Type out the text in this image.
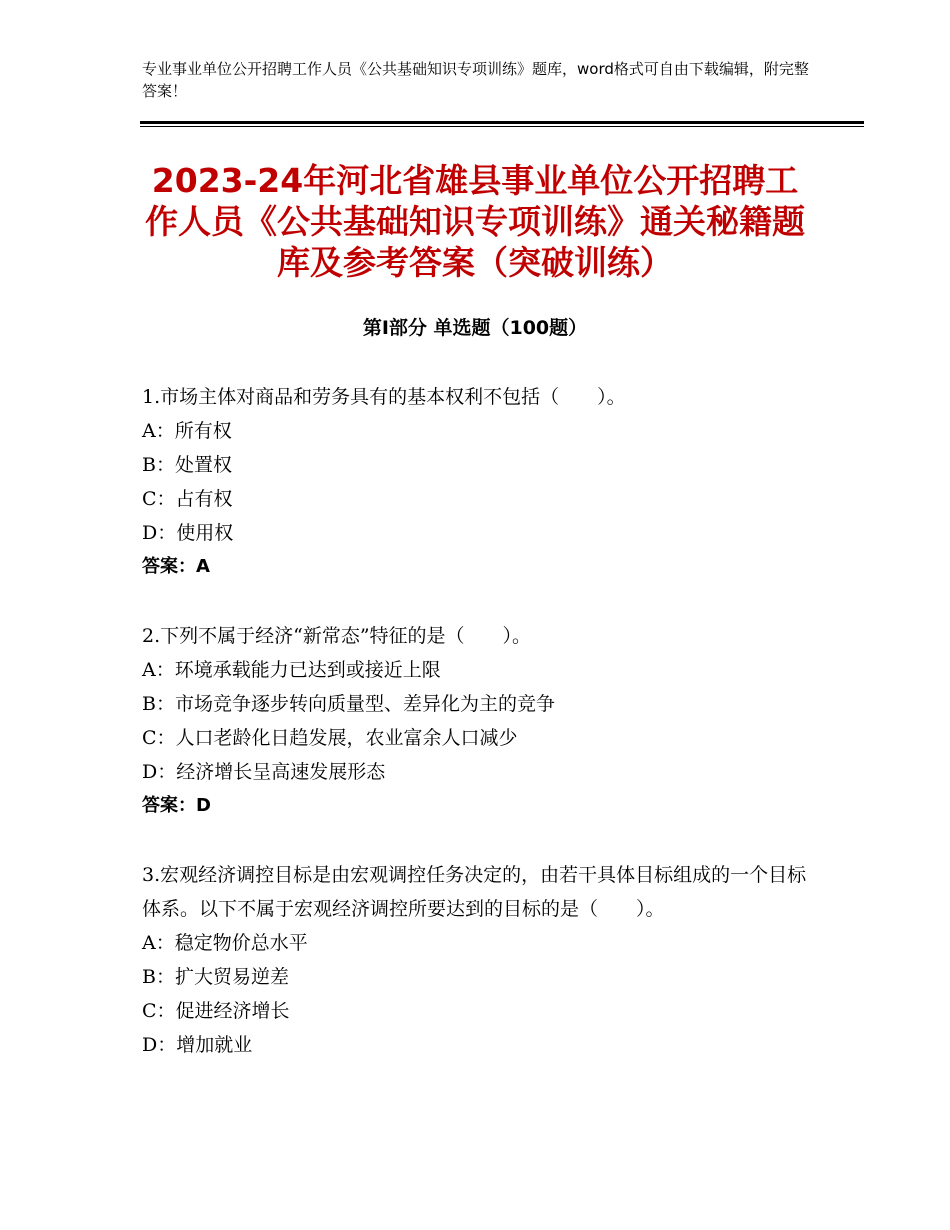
专业事业单位公开招聘工作人员《公共基础知识专项训练》题库，word格式可自由下载编辑，附完整答案！
2023-24年河北省雄县事业单位公开招聘工作人员《公共基础知识专项训练》通关秘籍题库及参考答案（突破训练）
第Ⅰ部分 单选题（100题）

1.市场主体对商品和劳务具有的基本权利不包括（　　）。

A：所有权

B：处置权

C：占有权

D：使用权

答案：A

2.下列不属于经济“新常态”特征的是（　　）。

A：环境承载能力已达到或接近上限

B：市场竞争逐步转向质量型、差异化为主的竞争

C：人口老龄化日趋发展，农业富余人口减少

D：经济增长呈高速发展形态

答案：D

3.宏观经济调控目标是由宏观调控任务决定的，由若干具体目标组成的一个目标体系。以下不属于宏观经济调控所要达到的目标的是（　　）。

A：稳定物价总水平

B：扩大贸易逆差

C：促进经济增长

D：增加就业
